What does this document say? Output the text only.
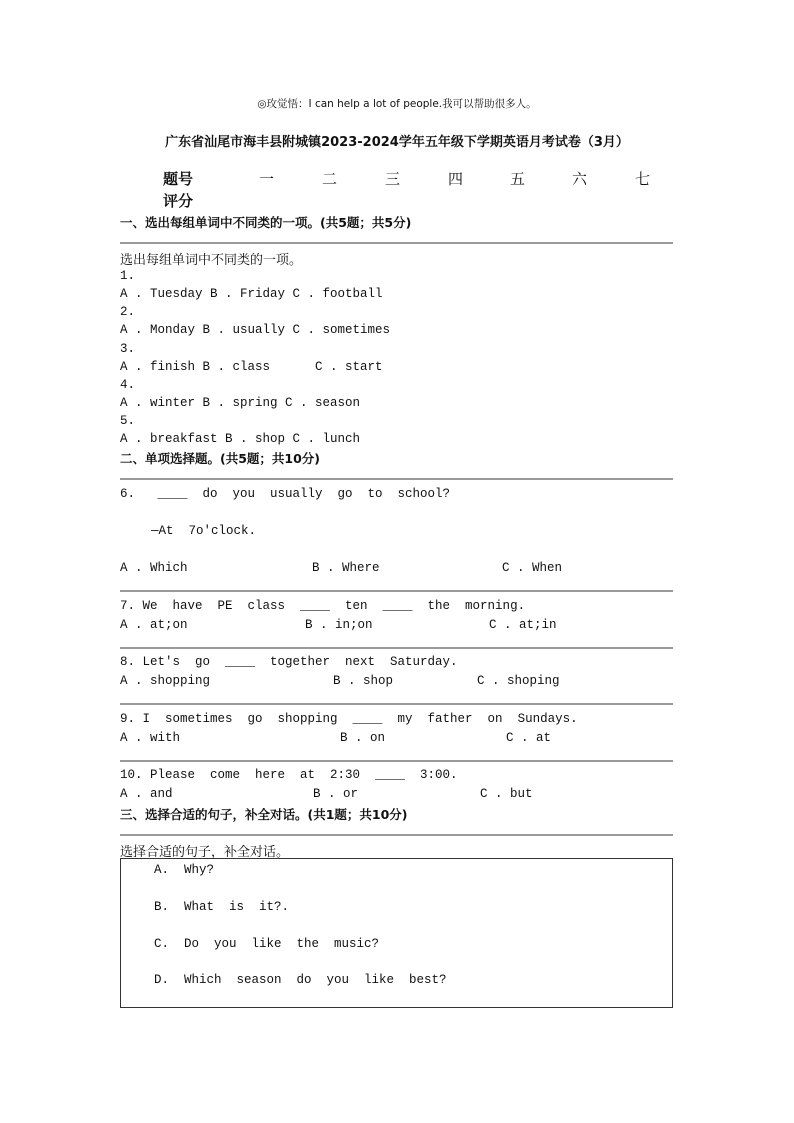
◎玫觉悟：I can help a lot of people.我可以帮助很多人。
广东省汕尾市海丰县附城镇2023-2024学年五年级下学期英语月考试卷（3月）
题号	一	二	三	四	五	六	七
评分
一、选出每组单词中不同类的一项。(共5题；共5分)
选出每组单词中不同类的一项。
1.
A . Tuesday B . Friday C . football
2.
A . Monday B . usually C . sometimes
3.
A . finish B . class      C . start
4.
A . winter B . spring C . season
5.
A . breakfast B . shop C . lunch
二、单项选择题。(共5题；共10分)
6.   ____  do  you  usually  go  to  school?
—At  7o'clock.
A . Which	B . Where	C . When
7. We  have  PE  class  ____  ten  ____  the  morning.
A . at;on	B . in;on	C . at;in
8. Let's  go  ____  together  next  Saturday.
A . shopping	B . shop	C . shoping
9. I  sometimes  go  shopping  ____  my  father  on  Sundays.
A . with	B . on	C . at
10. Please  come  here  at  2:30  ____  3:00.
A . and	B . or	C . but
三、选择合适的句子，补全对话。(共1题；共10分)
选择合适的句子，补全对话。
A.  Why?
B.  What  is  it?.
C.  Do  you  like  the  music?
D.  Which  season  do  you  like  best?
